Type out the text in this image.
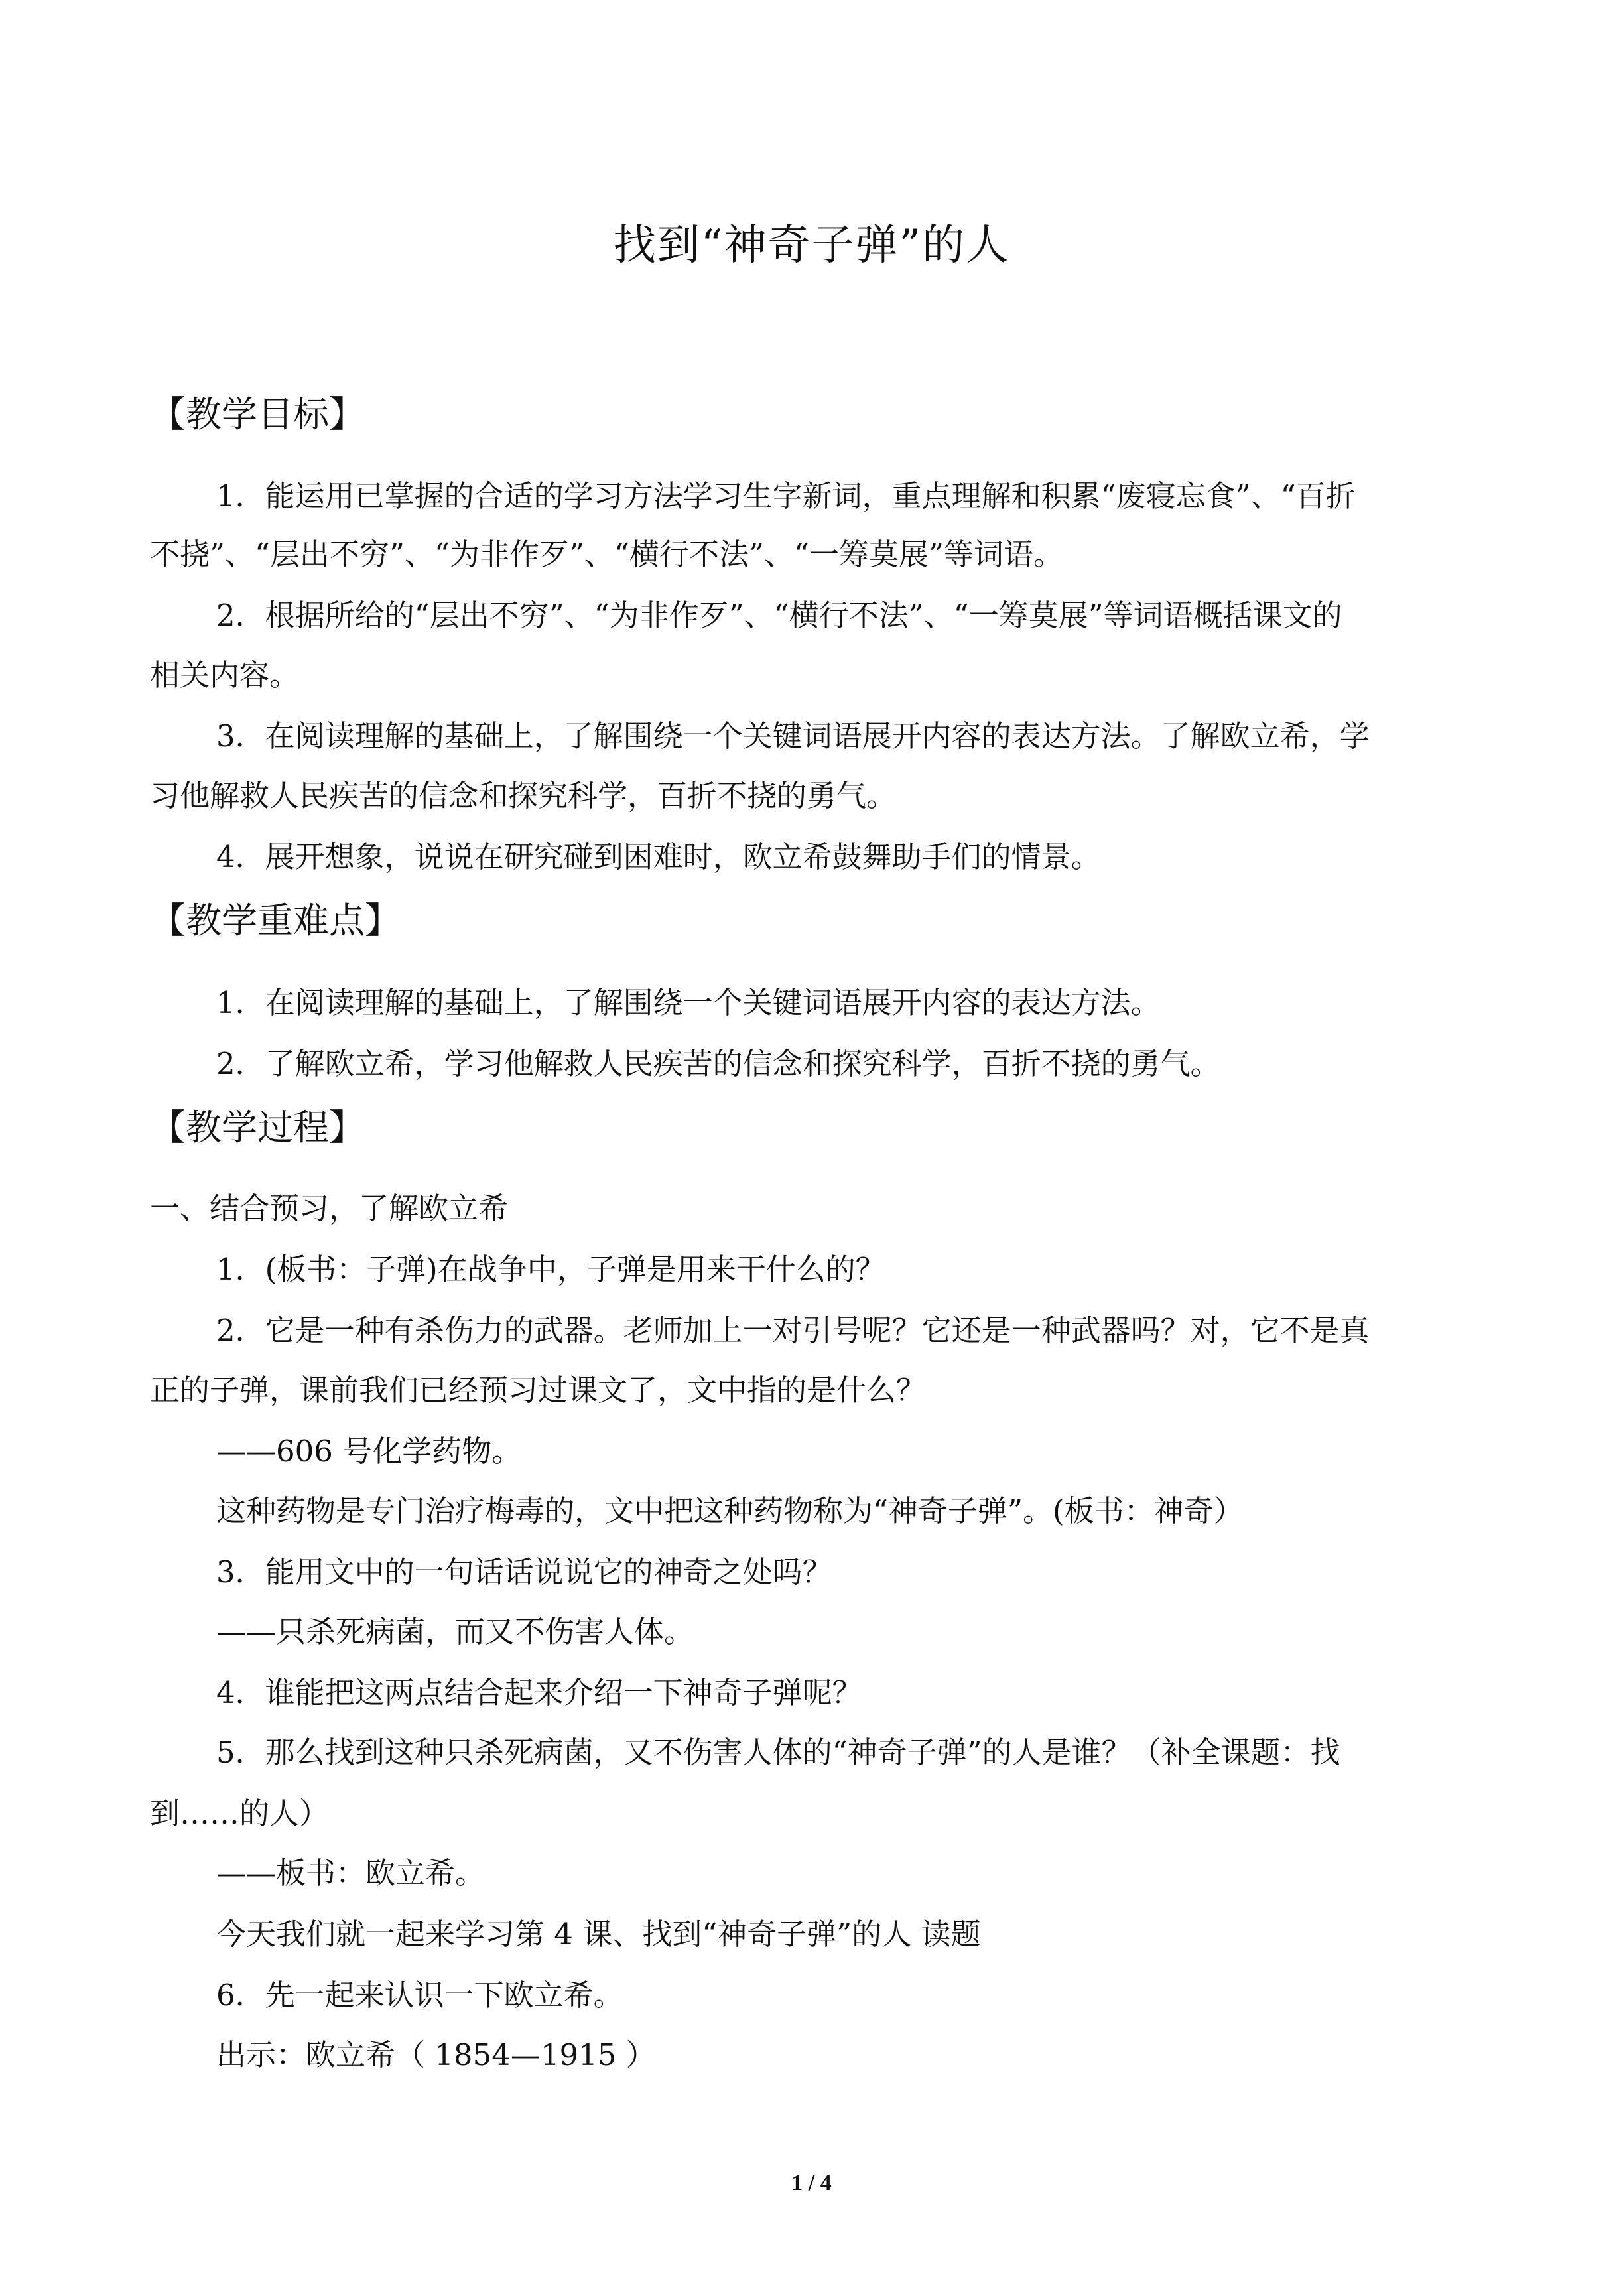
找到“神奇子弹”的人
【教学目标】
1．能运用已掌握的合适的学习方法学习生字新词，重点理解和积累“废寝忘食”、“百折
不挠”、“层出不穷”、“为非作歹”、“横行不法”、“一筹莫展”等词语。
2．根据所给的“层出不穷”、“为非作歹”、“横行不法”、“一筹莫展”等词语概括课文的
相关内容。
3．在阅读理解的基础上，了解围绕一个关键词语展开内容的表达方法。了解欧立希，学
习他解救人民疾苦的信念和探究科学，百折不挠的勇气。
4．展开想象，说说在研究碰到困难时，欧立希鼓舞助手们的情景。
【教学重难点】
1．在阅读理解的基础上，了解围绕一个关键词语展开内容的表达方法。
2．了解欧立希，学习他解救人民疾苦的信念和探究科学，百折不挠的勇气。
【教学过程】
一、结合预习，了解欧立希
1．(板书：子弹)在战争中，子弹是用来干什么的？
2．它是一种有杀伤力的武器。老师加上一对引号呢？它还是一种武器吗？对，它不是真
正的子弹，课前我们已经预习过课文了，文中指的是什么？
——606 号化学药物。
这种药物是专门治疗梅毒的，文中把这种药物称为“神奇子弹”。(板书：神奇）
3．能用文中的一句话话说说它的神奇之处吗？
——只杀死病菌，而又不伤害人体。
4．谁能把这两点结合起来介绍一下神奇子弹呢？
5．那么找到这种只杀死病菌，又不伤害人体的“神奇子弹”的人是谁？（补全课题：找
到……的人）
——板书：欧立希。
今天我们就一起来学习第 4 课、找到“神奇子弹”的人 读题
6．先一起来认识一下欧立希。
出示：欧立希（ 1854—1915 ）
1 / 4
